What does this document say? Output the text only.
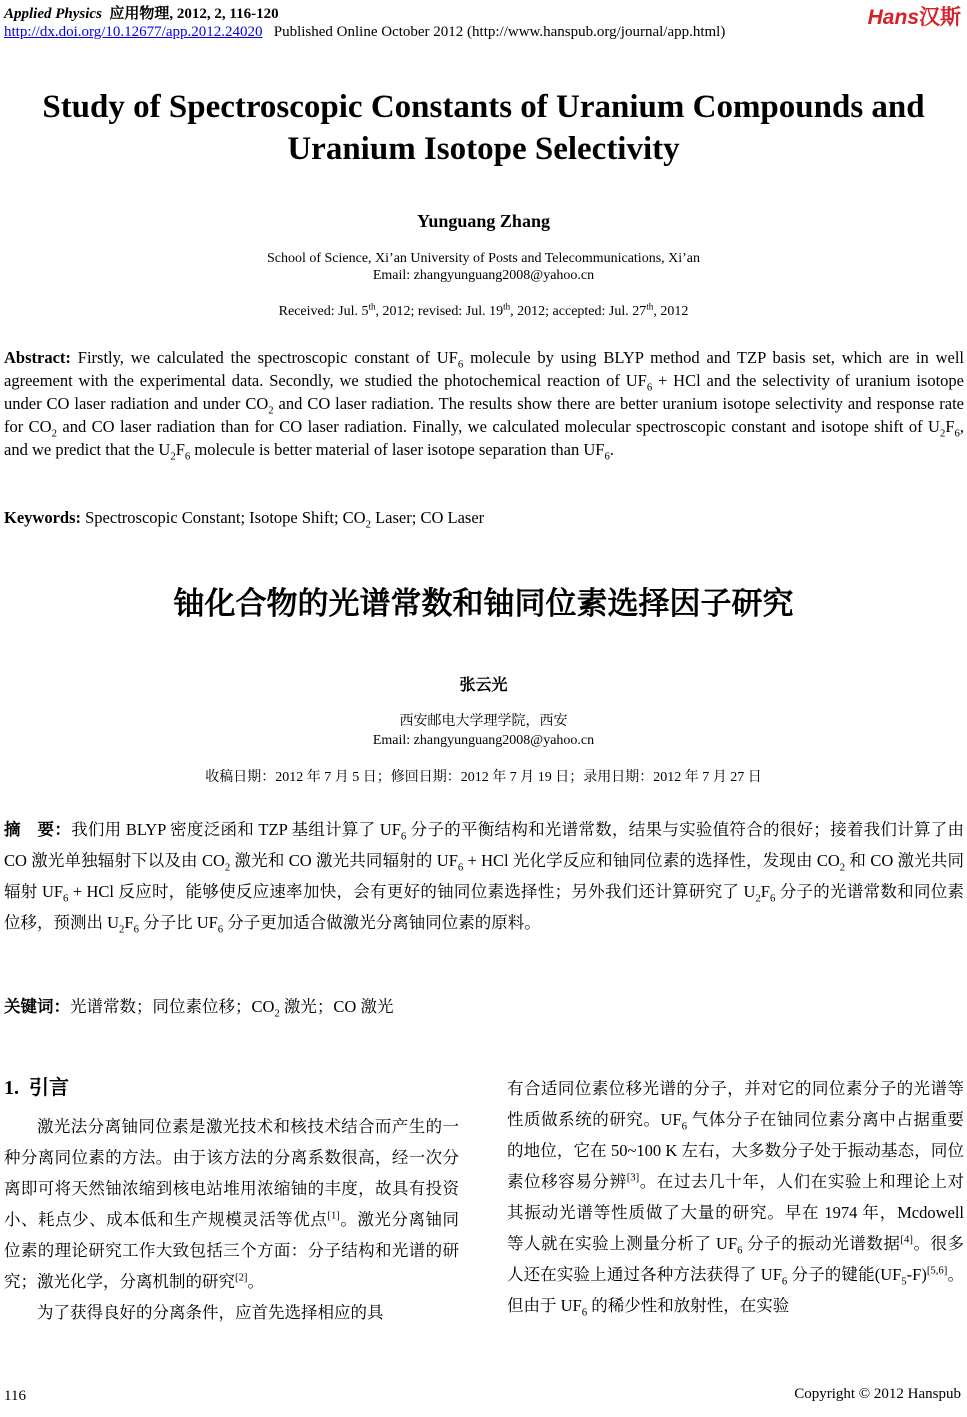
Applied Physics 应用物理, 2012, 2, 116-120
http://dx.doi.org/10.12677/app.2012.24020 Published Online October 2012 (http://www.hanspub.org/journal/app.html)
Hans汉斯
Study of Spectroscopic Constants of Uranium Compounds and
Uranium Isotope Selectivity
Yunguang Zhang
School of Science, Xi’an University of Posts and Telecommunications, Xi’an
Email: zhangyunguang2008@yahoo.cn
Received: Jul. 5th, 2012; revised: Jul. 19th, 2012; accepted: Jul. 27th, 2012
Abstract: Firstly, we calculated the spectroscopic constant of $UF_6$ molecule by using BLYP method and TZP basis set, which are in well agreement with the experimental data. Secondly, we studied the photochemical reaction of $UF_6$ + HCl and the selectivity of uranium isotope under CO laser radiation and under $CO_2$ and CO laser radiation. The results show there are better uranium isotope selectivity and response rate for $CO_2$ and CO laser radiation than for CO laser radiation. Finally, we calculated molecular spectroscopic constant and isotope shift of $U_2F_6$, and we predict that the $U_2F_6$ molecule is better material of laser isotope separation than $UF_6$.
Keywords: Spectroscopic Constant; Isotope Shift; $CO_2$ Laser; CO Laser
铀化合物的光谱常数和铀同位素选择因子研究
张云光
西安邮电大学理学院，西安
Email: zhangyunguang2008@yahoo.cn
收稿日期：2012 年 7 月 5 日；修回日期：2012 年 7 月 19 日；录用日期：2012 年 7 月 27 日
摘　要：我们用 BLYP 密度泛函和 TZP 基组计算了 $UF_6$ 分子的平衡结构和光谱常数，结果与实验值符合的很好；接着我们计算了由 CO 激光单独辐射下以及由 $CO_2$ 激光和 CO 激光共同辐射的 $UF_6$ + HCl 光化学反应和铀同位素的选择性，发现由 $CO_2$ 和 CO 激光共同辐射 $UF_6$ + HCl 反应时，能够使反应速率加快，会有更好的铀同位素选择性；另外我们还计算研究了 $U_2F_6$ 分子的光谱常数和同位素位移，预测出 $U_2F_6$ 分子比 $UF_6$ 分子更加适合做激光分离铀同位素的原料。
关键词：光谱常数；同位素位移；$CO_2$ 激光；CO 激光
1. 引言

激光法分离铀同位素是激光技术和核技术结合而产生的一种分离同位素的方法。由于该方法的分离系数很高，经一次分离即可将天然铀浓缩到核电站堆用浓缩铀的丰度，故具有投资小、耗点少、成本低和生产规模灵活等优点[1]。激光分离铀同位素的理论研究工作大致包括三个方面：分子结构和光谱的研究；激光化学，分离机制的研究[2]。

为了获得良好的分离条件，应首先选择相应的具

有合适同位素位移光谱的分子，并对它的同位素分子的光谱等性质做系统的研究。$UF_6$ 气体分子在铀同位素分离中占据重要的地位，它在 50~100 K 左右，大多数分子处于振动基态，同位素位移容易分辨[3]。在过去几十年，人们在实验上和理论上对其振动光谱等性质做了大量的研究。早在 1974 年，Mcdowell 等人就在实验上测量分析了 $UF_6$ 分子的振动光谱数据[4]。很多人还在实验上通过各种方法获得了 $UF_6$ 分子的键能$(UF_5-F)[5,6]$。但由于 $UF_6$ 的稀少性和放射性，在实验

116	Copyright © 2012 Hanspub
